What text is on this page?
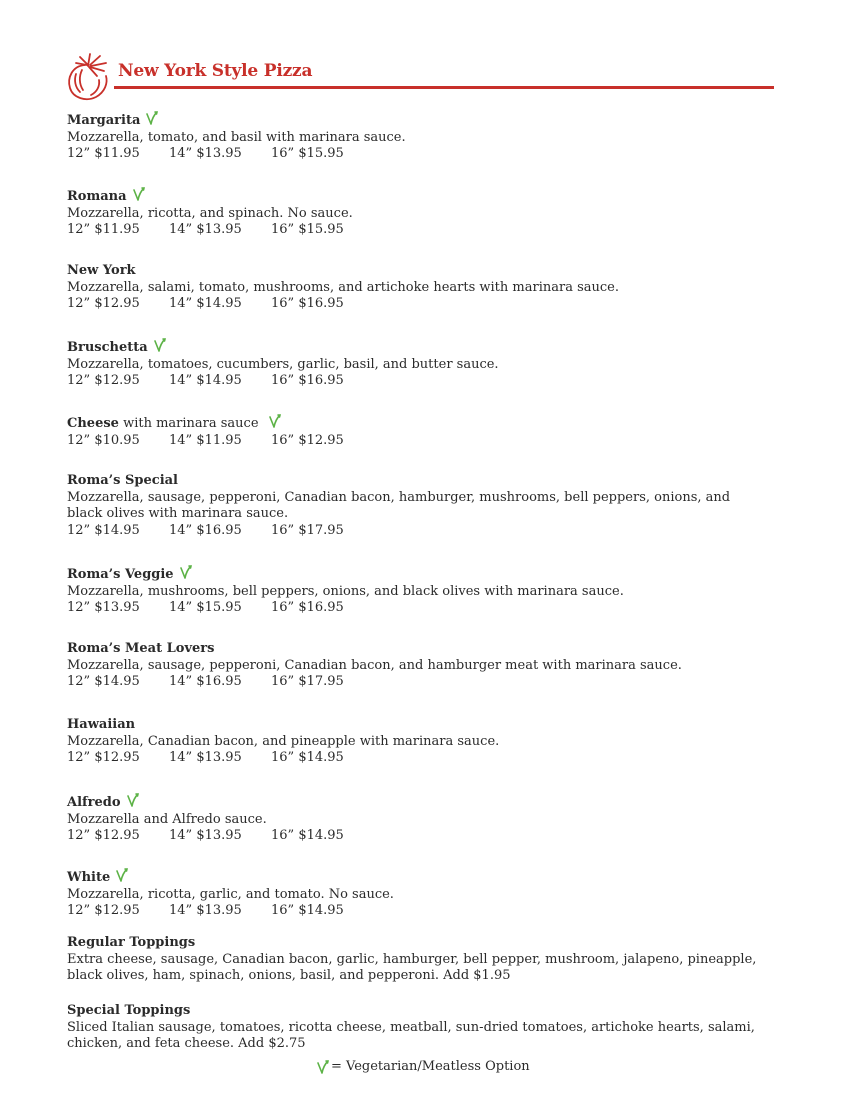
New York Style Pizza
Margarita
Mozzarella, tomato, and basil with marinara sauce.
12” $11.95	14” $13.95	16” $15.95
Romana
Mozzarella, ricotta, and spinach. No sauce.
12” $11.95	14” $13.95	16” $15.95
New York
Mozzarella, salami, tomato, mushrooms, and artichoke hearts with marinara sauce.
12” $12.95	14” $14.95	16” $16.95
Bruschetta
Mozzarella, tomatoes, cucumbers, garlic, basil, and butter sauce.
12” $12.95	14” $14.95	16” $16.95
Cheese with marinara sauce
12” $10.95	14” $11.95	16” $12.95
Roma’s Special
Mozzarella, sausage, pepperoni, Canadian bacon, hamburger, mushrooms, bell peppers, onions, and black olives with marinara sauce.
12” $14.95	14” $16.95	16” $17.95
Roma’s Veggie
Mozzarella, mushrooms, bell peppers, onions, and black olives with marinara sauce.
12” $13.95	14” $15.95	16” $16.95
Roma’s Meat Lovers
Mozzarella, sausage, pepperoni, Canadian bacon, and hamburger meat with marinara sauce.
12” $14.95	14” $16.95	16” $17.95
Hawaiian
Mozzarella, Canadian bacon, and pineapple with marinara sauce.
12” $12.95	14” $13.95	16” $14.95
Alfredo
Mozzarella and Alfredo sauce.
12” $12.95	14” $13.95	16” $14.95
White
Mozzarella, ricotta, garlic, and tomato. No sauce.
12” $12.95	14” $13.95	16” $14.95
Regular Toppings
Extra cheese, sausage, Canadian bacon, garlic, hamburger, bell pepper, mushroom, jalapeno, pineapple, black olives, ham, spinach, onions, basil, and pepperoni. Add $1.95
Special Toppings
Sliced Italian sausage, tomatoes, ricotta cheese, meatball, sun-dried tomatoes, artichoke hearts, salami, chicken, and feta cheese. Add $2.75
= Vegetarian/Meatless Option
